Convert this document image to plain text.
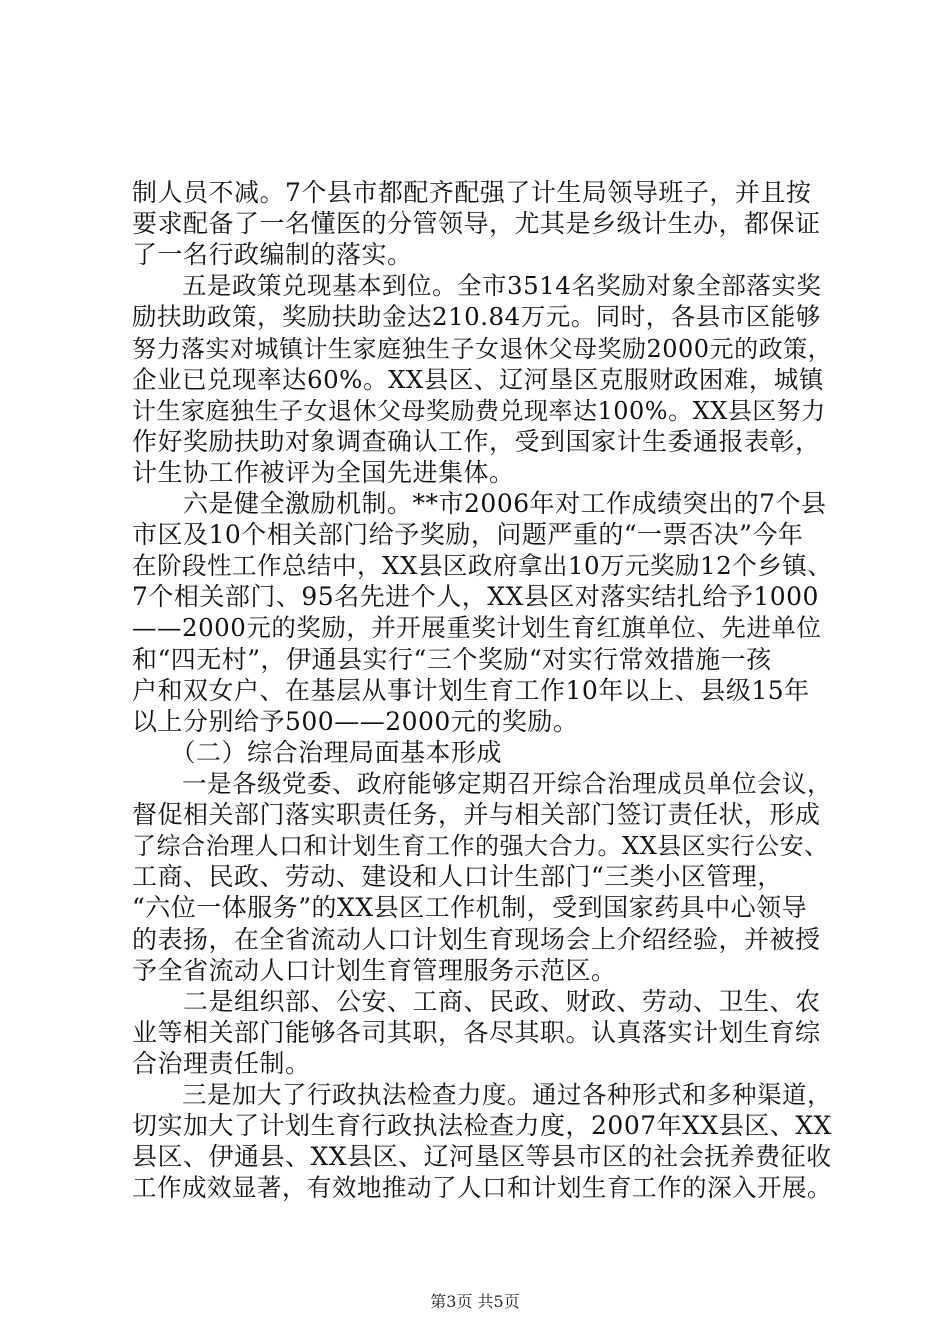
制人员不减。7个县市都配齐配强了计生局领导班子，并且按
要求配备了一名懂医的分管领导，尤其是乡级计生办，都保证
了一名行政编制的落实。
　　五是政策兑现基本到位。全市3514名奖励对象全部落实奖
励扶助政策，奖励扶助金达210.84万元。同时，各县市区能够
努力落实对城镇计生家庭独生子女退休父母奖励2000元的政策，
企业已兑现率达60%。XX县区、辽河垦区克服财政困难，城镇
计生家庭独生子女退休父母奖励费兑现率达100%。XX县区努力
作好奖励扶助对象调查确认工作，受到国家计生委通报表彰，
计生协工作被评为全国先进集体。
　　六是健全激励机制。**市2006年对工作成绩突出的7个县
市区及10个相关部门给予奖励，问题严重的“一票否决”今年
在阶段性工作总结中，XX县区政府拿出10万元奖励12个乡镇、
7个相关部门、95名先进个人，XX县区对落实结扎给予1000
——2000元的奖励，并开展重奖计划生育红旗单位、先进单位
和“四无村”，伊通县实行“三个奖励“对实行常效措施一孩
户和双女户、在基层从事计划生育工作10年以上、县级15年
以上分别给予500——2000元的奖励。
　　（二）综合治理局面基本形成
　　一是各级党委、政府能够定期召开综合治理成员单位会议，
督促相关部门落实职责任务，并与相关部门签订责任状，形成
了综合治理人口和计划生育工作的强大合力。XX县区实行公安、
工商、民政、劳动、建设和人口计生部门“三类小区管理，
“六位一体服务”的XX县区工作机制，受到国家药具中心领导
的表扬，在全省流动人口计划生育现场会上介绍经验，并被授
予全省流动人口计划生育管理服务示范区。
　　二是组织部、公安、工商、民政、财政、劳动、卫生、农
业等相关部门能够各司其职，各尽其职。认真落实计划生育综
合治理责任制。
　　三是加大了行政执法检查力度。通过各种形式和多种渠道，
切实加大了计划生育行政执法检查力度，2007年XX县区、XX
县区、伊通县、XX县区、辽河垦区等县市区的社会抚养费征收
工作成效显著，有效地推动了人口和计划生育工作的深入开展。
第3页 共5页
